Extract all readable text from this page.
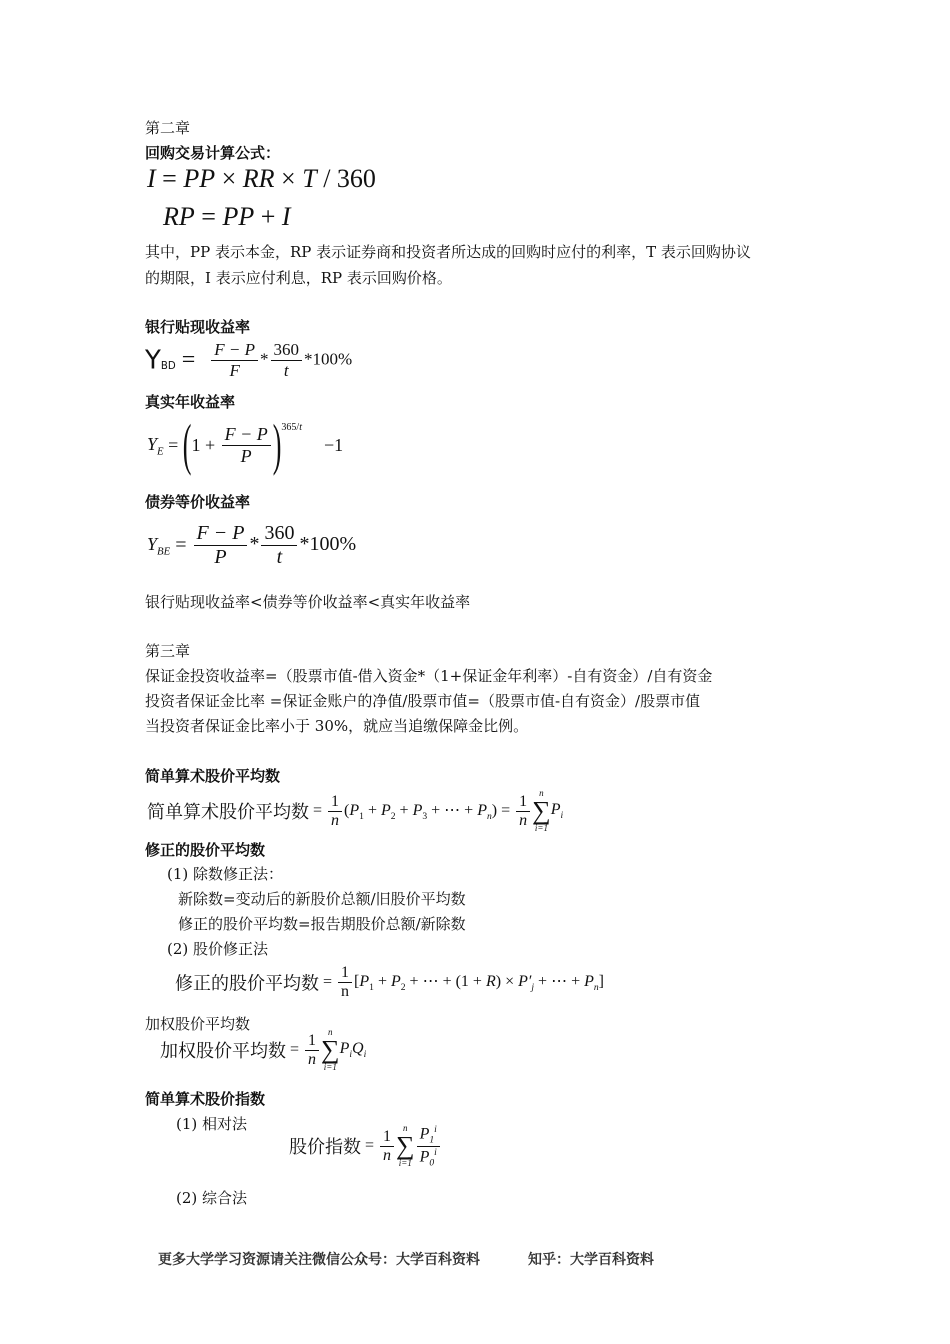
第二章
回购交易计算公式：
I = PP × RR × T / 360
RP = PP + I
其中，PP 表示本金，RP 表示证券商和投资者所达成的回购时应付的利率，T 表示回购协议
的期限，I 表示应付利息，RP 表示回购价格。
银行贴现收益率
$Y_{BD} = \frac{F - P}{F} * \frac{360}{t} *100\%$
真实年收益率
$Y_E = (1 + \frac{F - P}{P} )^{365/t}-1$
债券等价收益率
$Y_{BE} = \frac{F - P}{P} * \frac{360}{t} *100\%$
银行贴现收益率<债券等价收益率<真实年收益率
第三章
保证金投资收益率=（股票市值-借入资金*（1+保证金年利率）-自有资金）/自有资金
投资者保证金比率 =保证金账户的净值/股票市值=（股票市值-自有资金）/股票市值
当投资者保证金比率小于 30%，就应当追缴保障金比例。
简单算术股价平均数
简单算术股价平均数 = $\frac{1}{n} (P_1 + P_2 + P_3$ + ⋯ + $P_n) = \frac{1}{n}$	n
∑
i=1
$P_i$
修正的股价平均数
(1) 除数修正法：
新除数=变动后的新股价总额/旧股价平均数
修正的股价平均数=报告期股价总额/新除数
(2) 股价修正法
修正的股价平均数 = $\frac{1}{n} [P_1 + P_2$ + ⋯ + $(1 + R) \times P'_j$ + ⋯ + $P_n$]
加权股价平均数
加权股价平均数 = $\frac{1}{n}$	n
∑
i=1
$P_iQ_i$
简单算术股价指数
(1) 相对法
股价指数 = $\frac{1}{n}$	n
∑
$i=1 \frac{P_1^i}{P_0^i}$
(2) 综合法
更多大学学习资源请关注微信公众号：大学百科资料	知乎：大学百科资料
